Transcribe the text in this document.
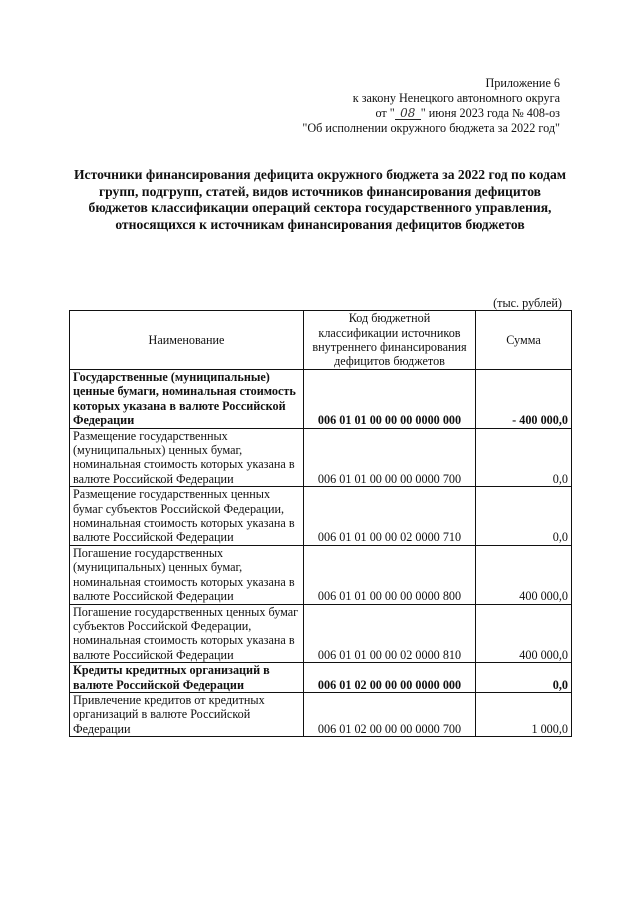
Приложение 6
к закону Ненецкого автономного округа
от " 08 " июня 2023 года № 408-оз
"Об исполнении окружного бюджета за 2022 год"
Источники финансирования дефицита окружного бюджета за 2022 год по кодам групп, подгрупп, статей, видов источников финансирования дефицитов бюджетов классификации операций сектора государственного управления, относящихся к источникам финансирования дефицитов бюджетов
(тыс. рублей)
Наименование	Код бюджетной классификации источников внутреннего финансирования дефицитов бюджетов	Сумма
Государственные (муниципальные) ценные бумаги, номинальная стоимость которых указана в валюте Российской Федерации	006 01 01 00 00 00 0000 000	- 400 000,0
Размещение государственных (муниципальных) ценных бумаг, номинальная стоимость которых указана в валюте Российской Федерации	006 01 01 00 00 00 0000 700	0,0
Размещение государственных ценных бумаг субъектов Российской Федерации, номинальная стоимость которых указана в валюте Российской Федерации	006 01 01 00 00 02 0000 710	0,0
Погашение государственных (муниципальных) ценных бумаг, номинальная стоимость которых указана в валюте Российской Федерации	006 01 01 00 00 00 0000 800	400 000,0
Погашение государственных ценных бумаг субъектов Российской Федерации, номинальная стоимость которых указана в валюте Российской Федерации	006 01 01 00 00 02 0000 810	400 000,0
Кредиты кредитных организаций в валюте Российской Федерации	006 01 02 00 00 00 0000 000	0,0
Привлечение кредитов от кредитных организаций в валюте Российской Федерации	006 01 02 00 00 00 0000 700	1 000,0
